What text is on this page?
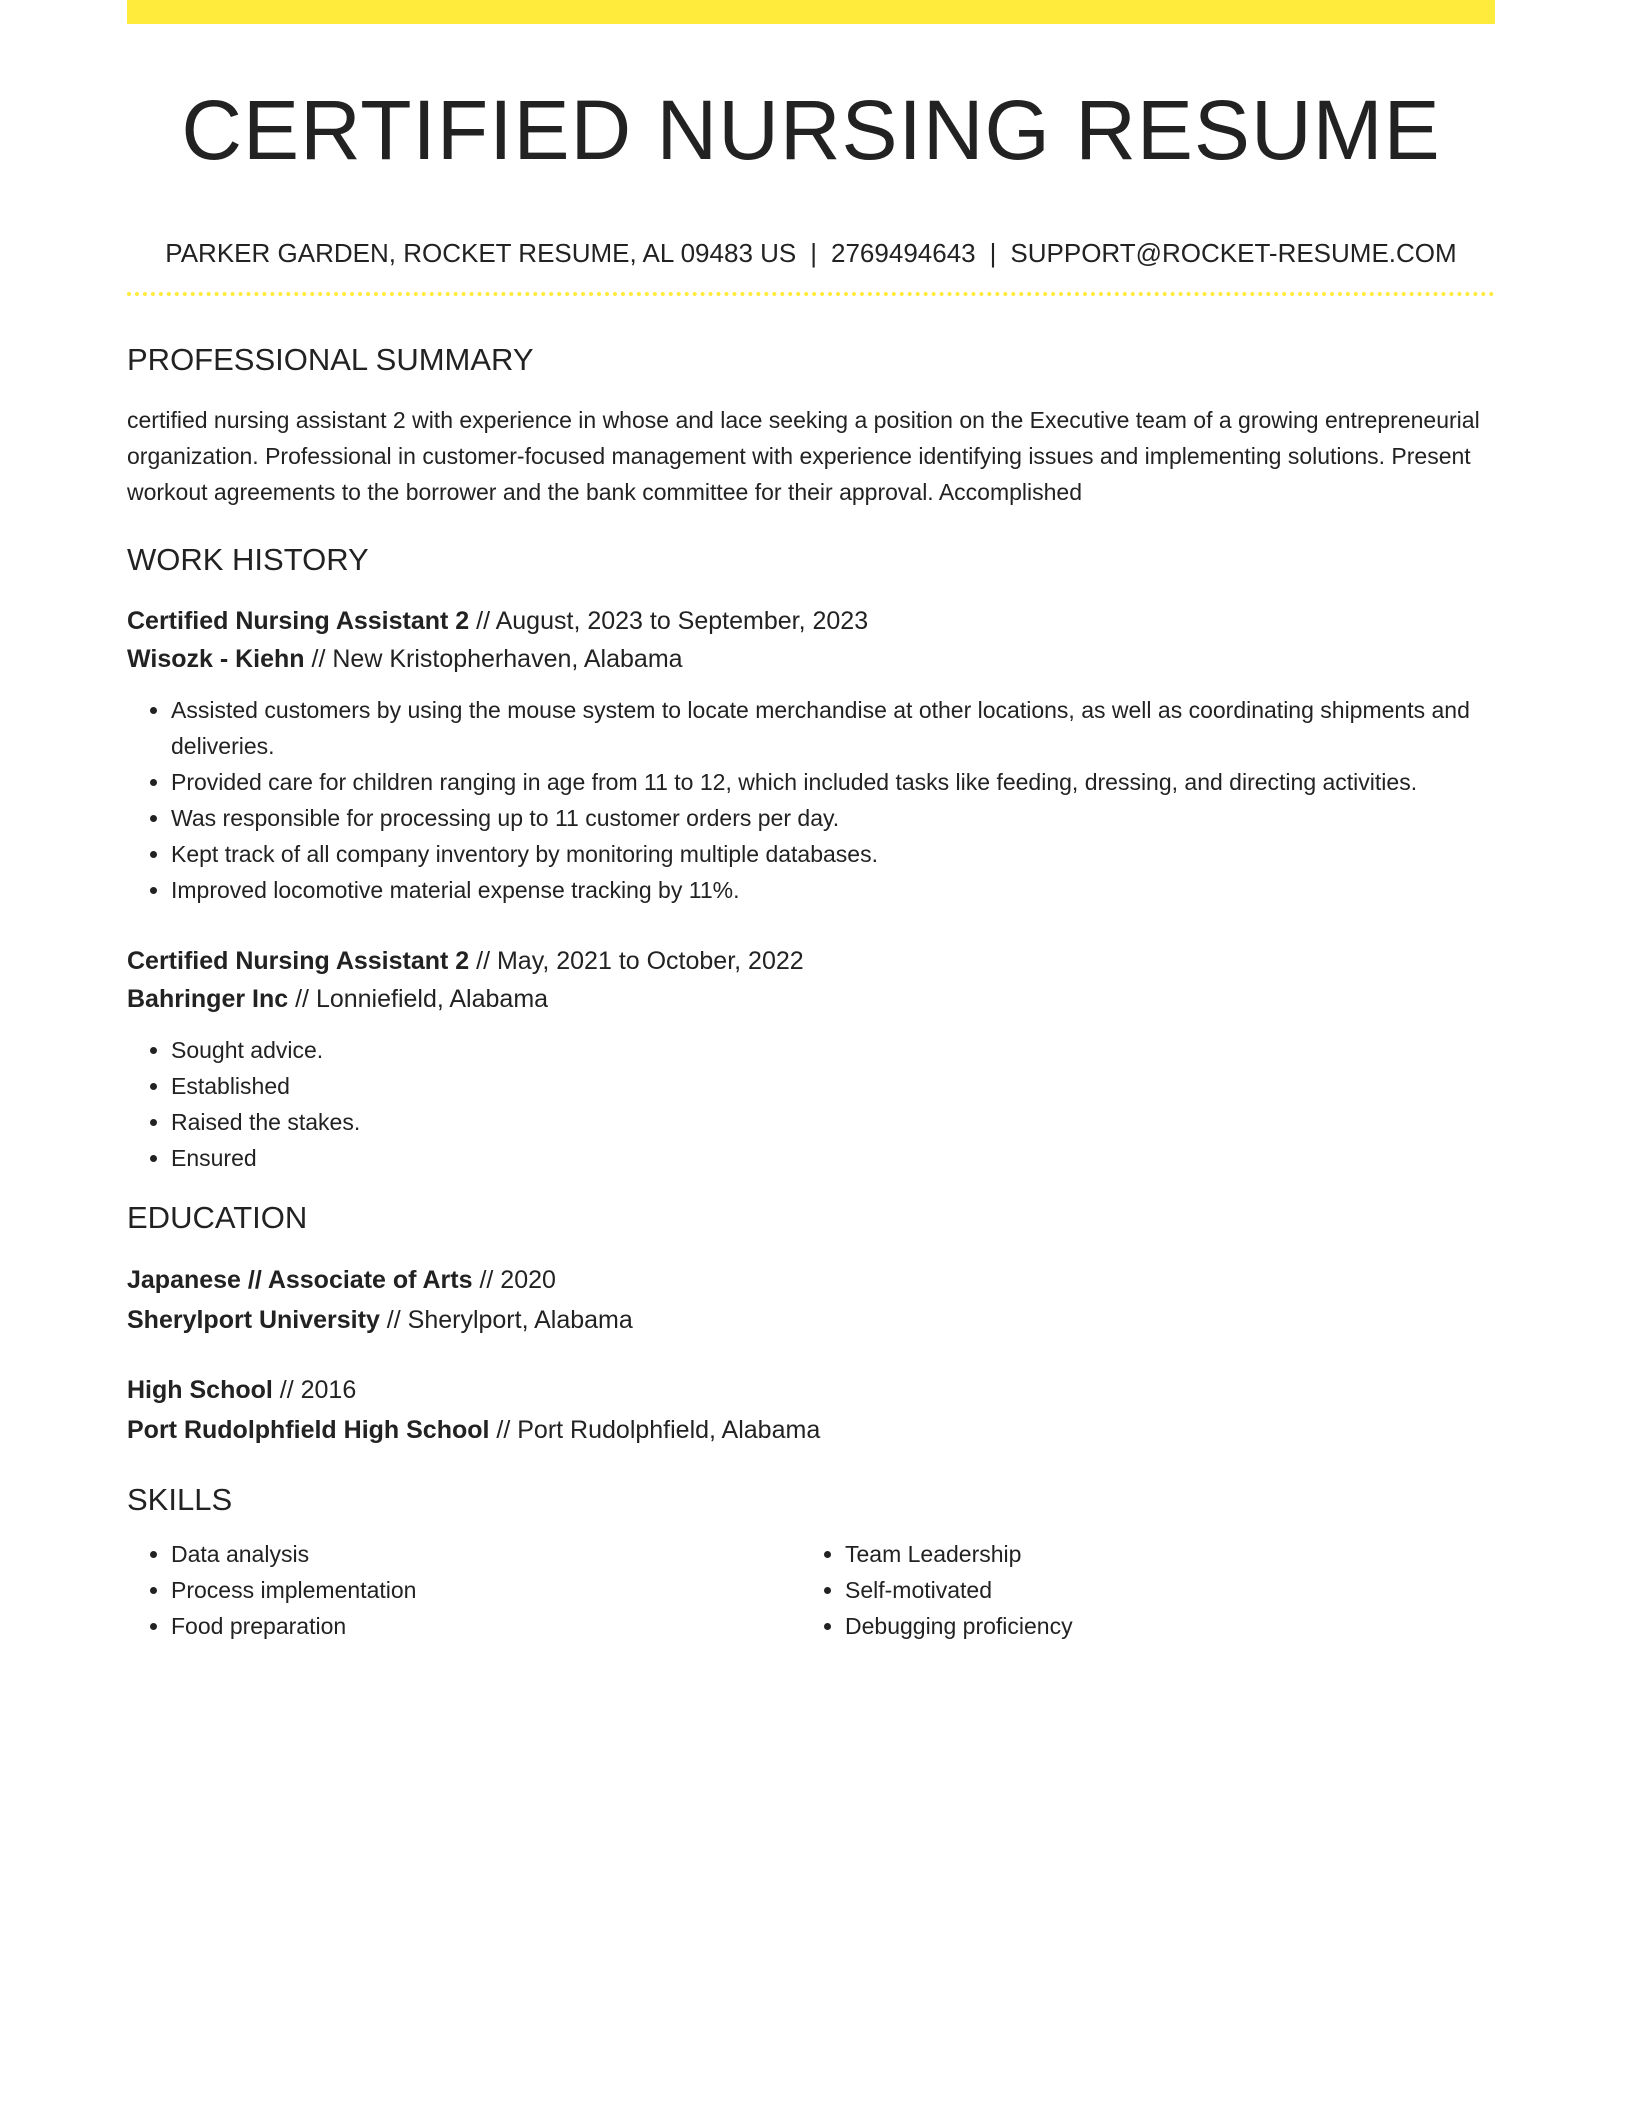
CERTIFIED NURSING RESUME
PARKER GARDEN, ROCKET RESUME, AL 09483 US | 2769494643 | SUPPORT@ROCKET-RESUME.COM
PROFESSIONAL SUMMARY
certified nursing assistant 2 with experience in whose and lace seeking a position on the Executive team of a growing entrepreneurial organization. Professional in customer-focused management with experience identifying issues and implementing solutions. Present workout agreements to the borrower and the bank committee for their approval. Accomplished
WORK HISTORY
Certified Nursing Assistant 2 // August, 2023 to September, 2023
Wisozk - Kiehn // New Kristopherhaven, Alabama
• Assisted customers by using the mouse system to locate merchandise at other locations, as well as coordinating shipments and deliveries.
• Provided care for children ranging in age from 11 to 12, which included tasks like feeding, dressing, and directing activities.
• Was responsible for processing up to 11 customer orders per day.
• Kept track of all company inventory by monitoring multiple databases.
• Improved locomotive material expense tracking by 11%.
Certified Nursing Assistant 2 // May, 2021 to October, 2022
Bahringer Inc // Lonniefield, Alabama
• Sought advice.
• Established
• Raised the stakes.
• Ensured
EDUCATION
Japanese // Associate of Arts // 2020
Sherylport University // Sherylport, Alabama
High School // 2016
Port Rudolphfield High School // Port Rudolphfield, Alabama
SKILLS
• Data analysis
• Process implementation
• Food preparation
• Team Leadership
• Self-motivated
• Debugging proficiency
